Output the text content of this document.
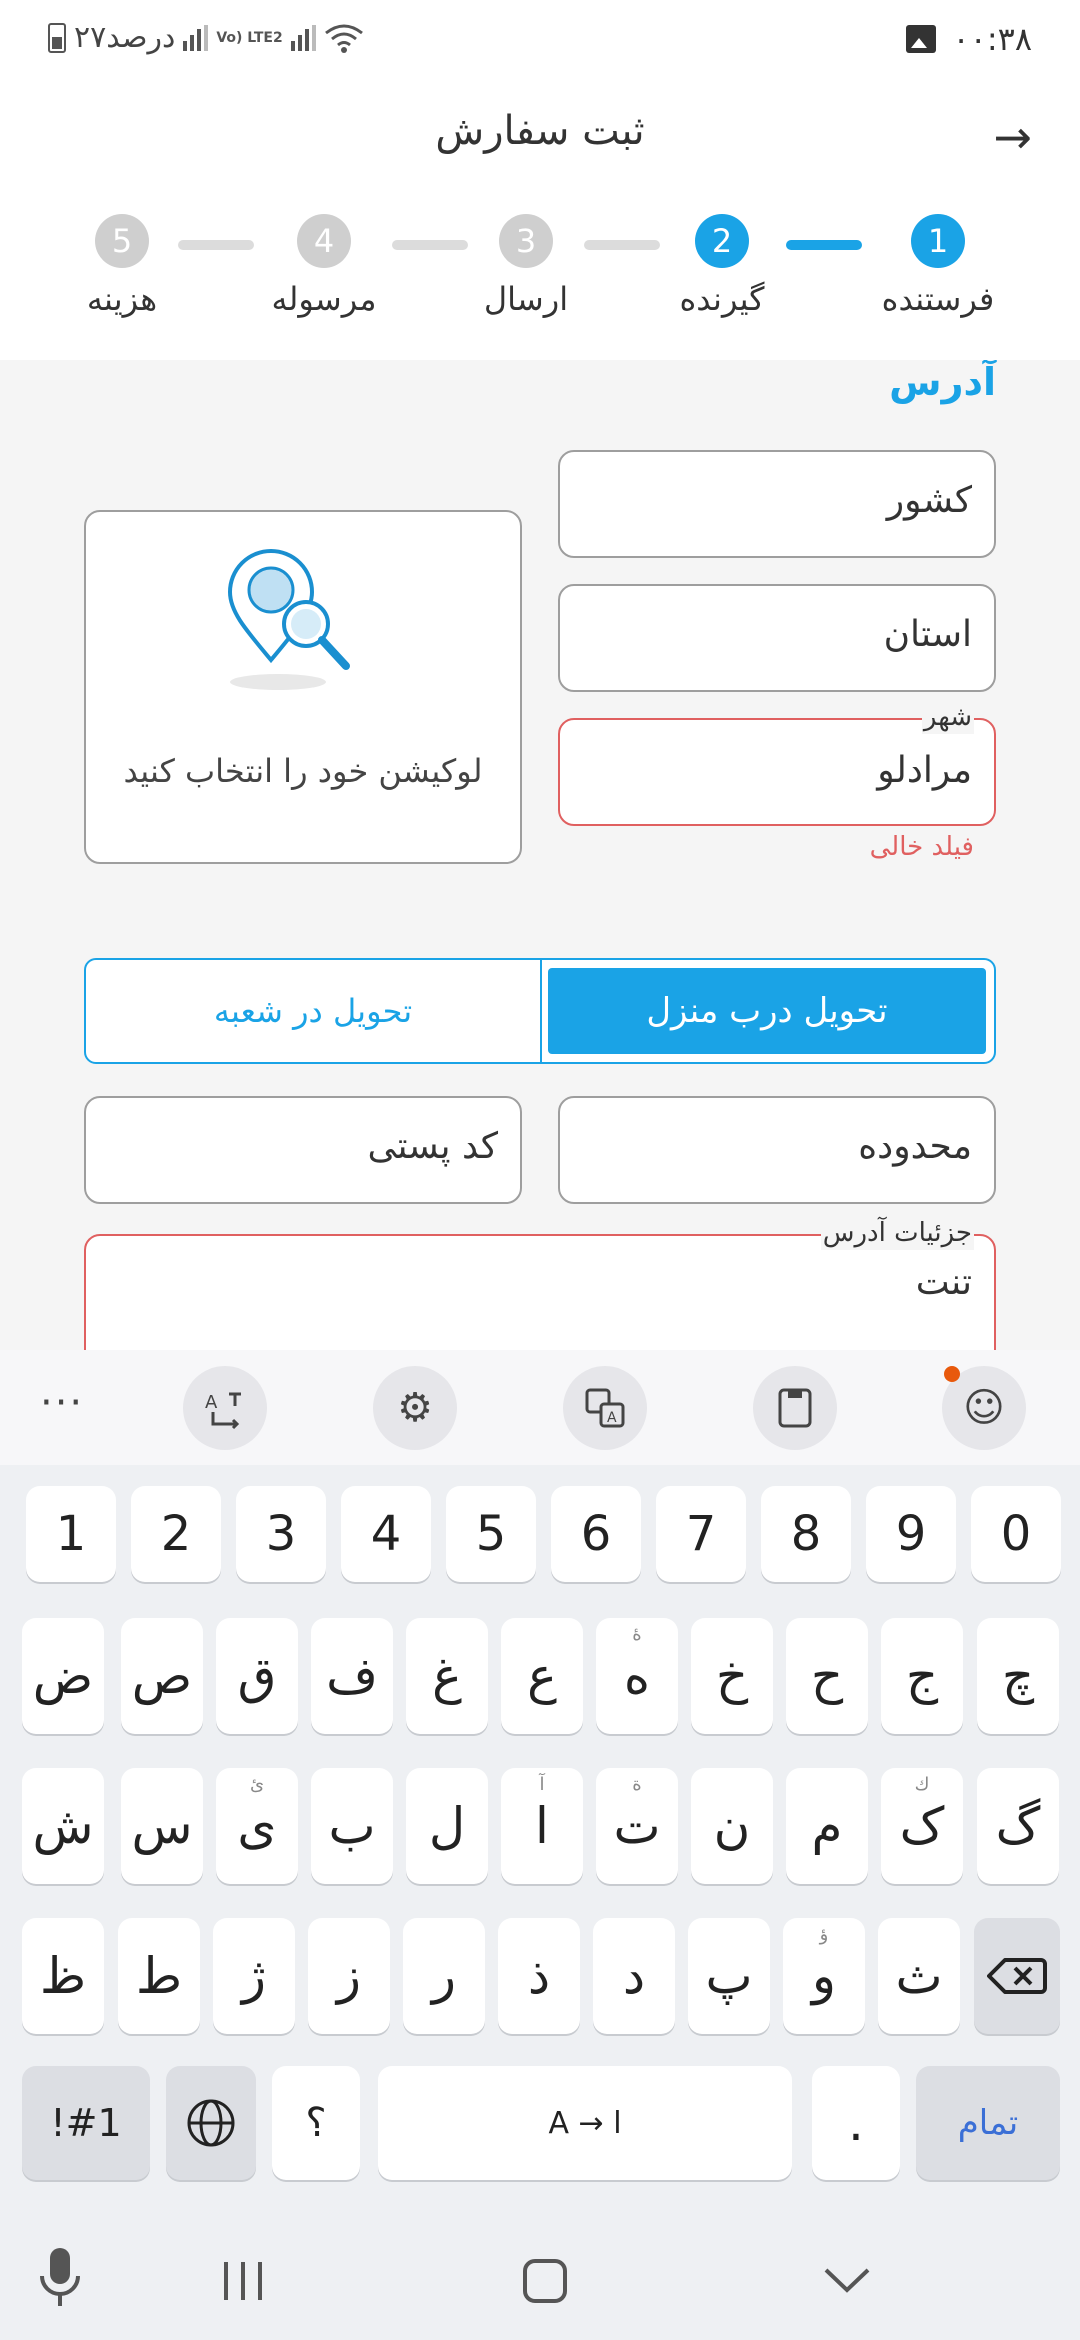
۲۷درصد	Vo) LTE2	۰۰:۳۸
ثبت سفارش	→
1
فرستنده
2
گیرنده
3
ارسال
4
مرسوله
5
هزینه
آدرس
کشور
استان
شهر
مرادلو
فیلد خالی
لوکیشن خود را انتخاب کنید
تحویل در شعبه	تحویل درب منزل
محدوده
کد پستی
جزئیات آدرس
تنت
☺
A
⚙
A
···
0
9
8
7
6
5
4
3
2
1
چ
ج
ح
خ
ۀ
ه
ع
غ
ف
ق
ص
ض
گ
ك
ک
م
ن
ة
ت
آ
ا
ل
ب
ئ
ی
س
ش
ث
ؤ
و
پ
د
ذ
ر
ز
ژ
ط
ظ
تمام
.
A → ا
؟
!#1
